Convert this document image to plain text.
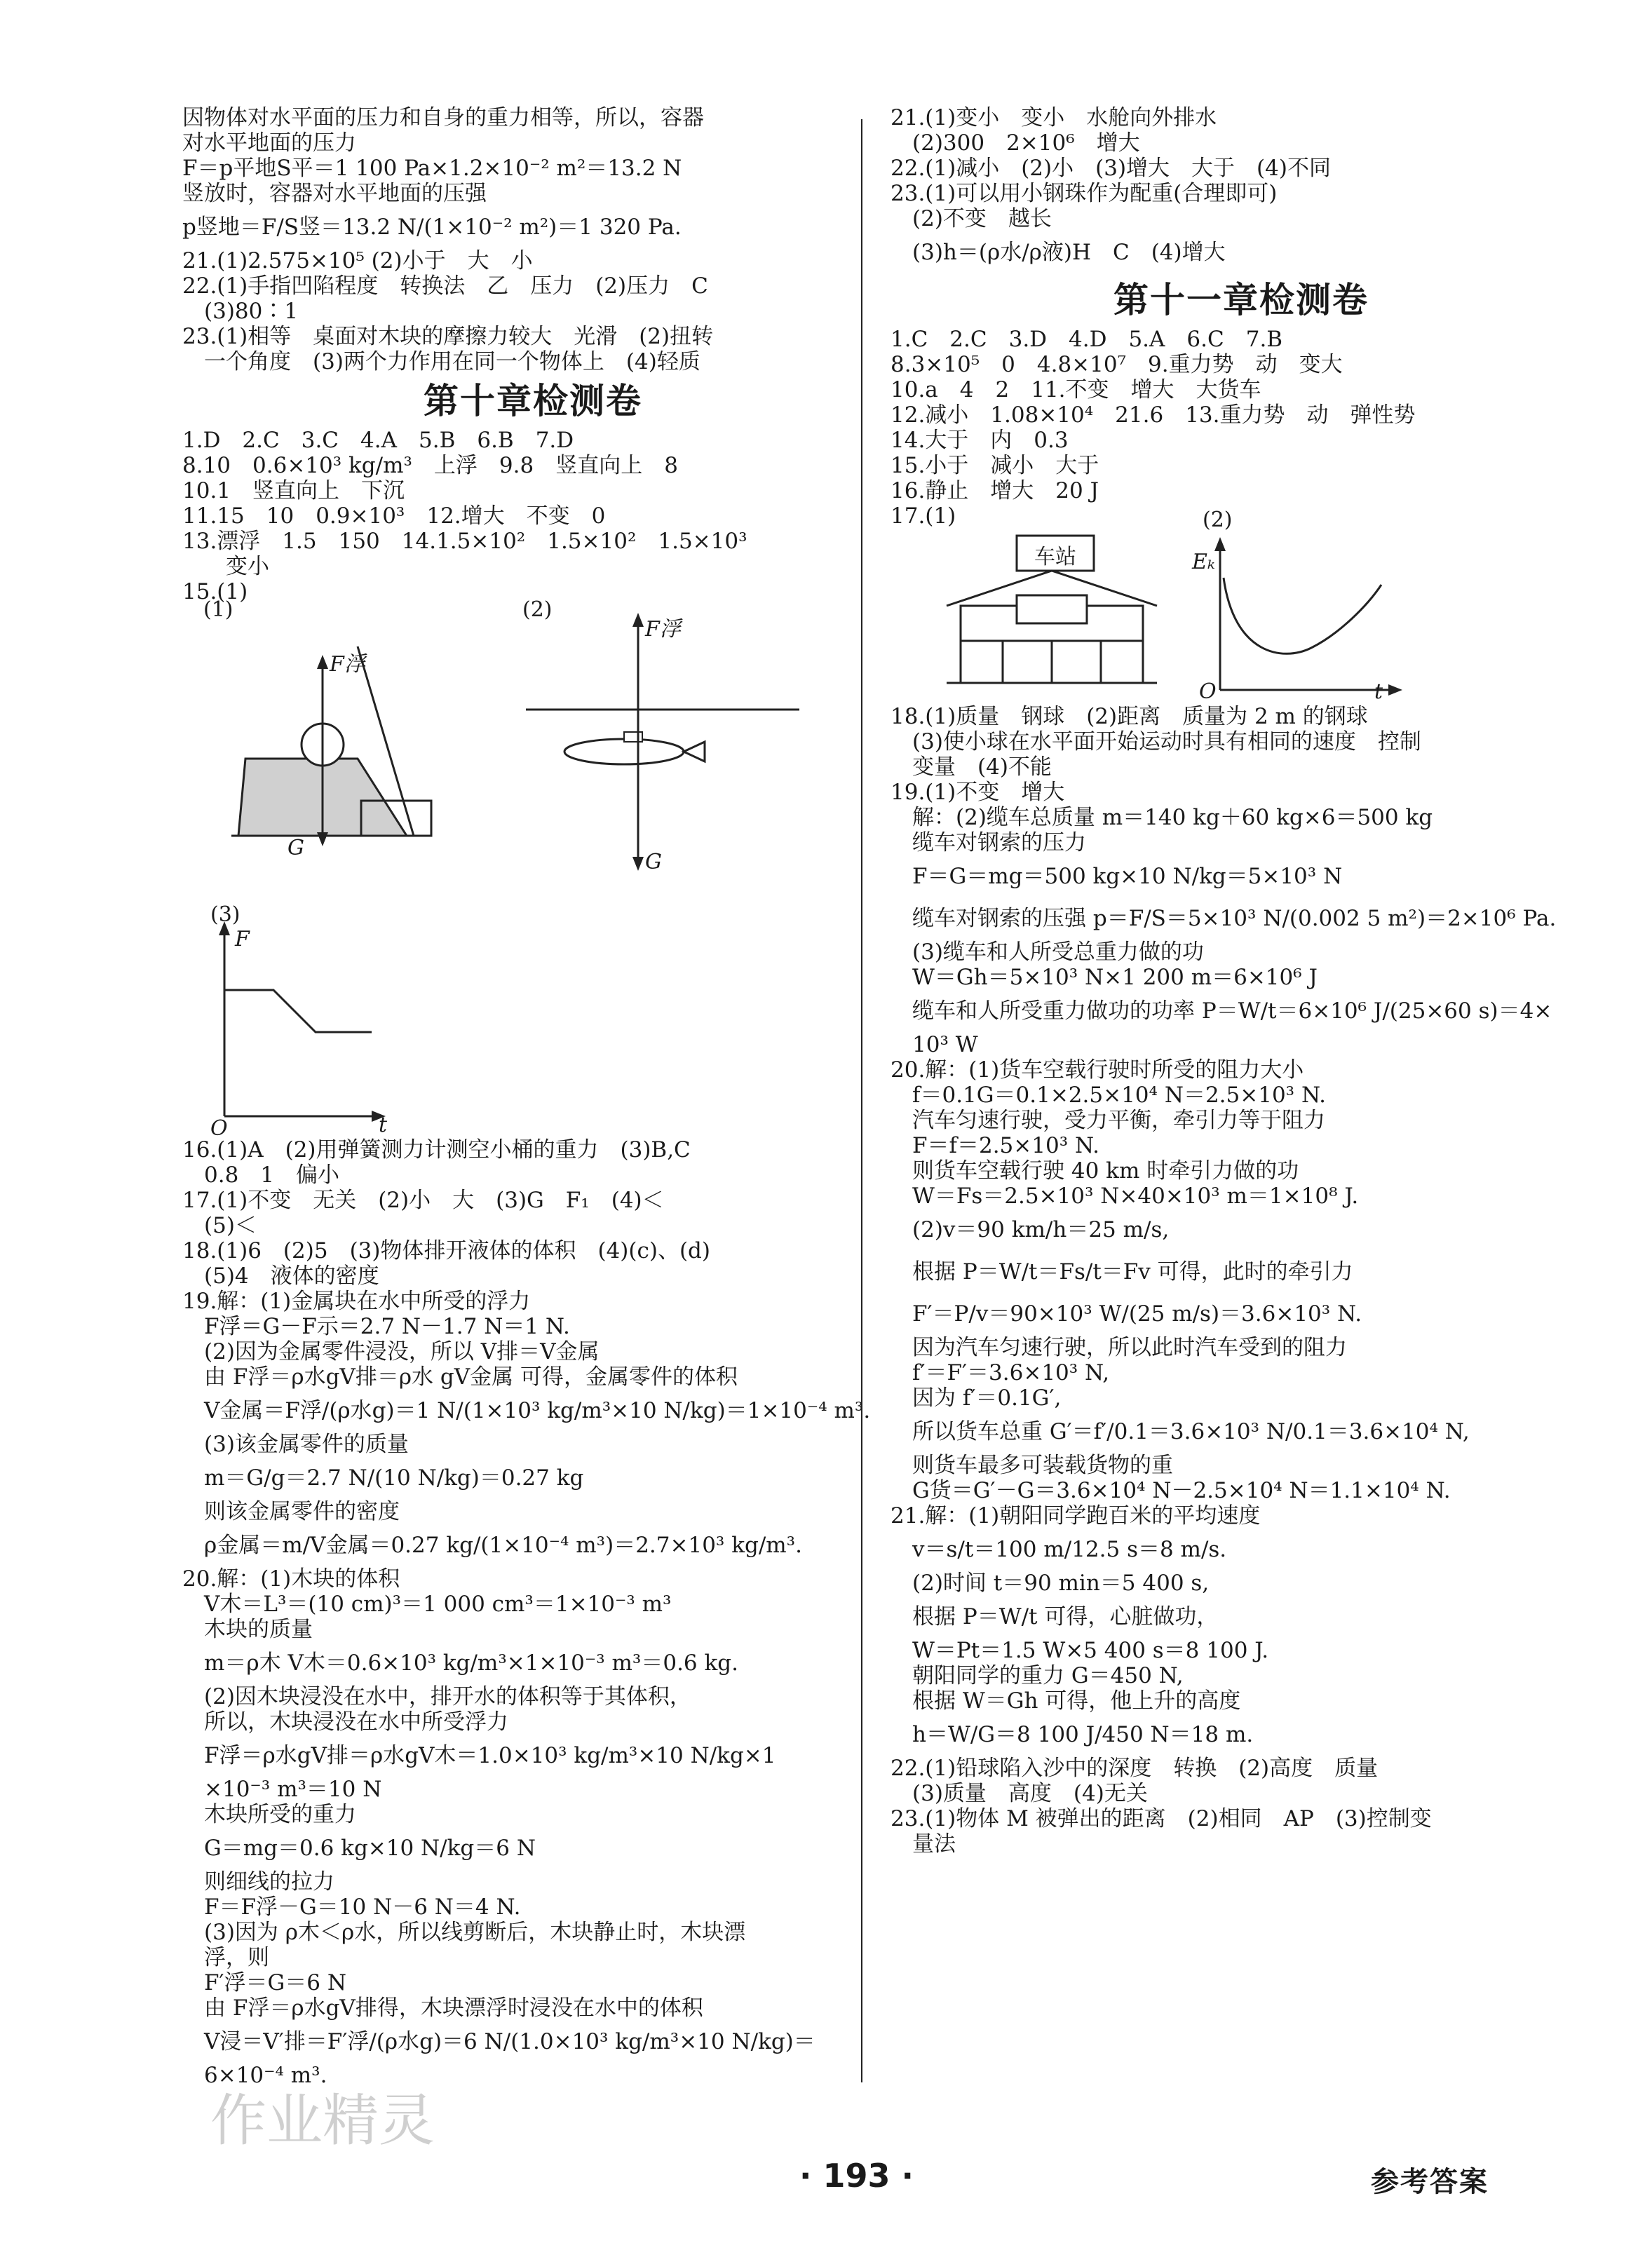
因物体对水平面的压力和自身的重力相等，所以，容器
对水平地面的压力
F＝p平地S平＝1 100 Pa×1.2×10⁻² m²＝13.2 N
竖放时，容器对水平地面的压强
p竖地＝F/S竖＝13.2 N/(1×10⁻² m²)＝1 320 Pa.
21.(1)2.575×10⁵ (2)小于　大　小
22.(1)手指凹陷程度　转换法　乙　压力　(2)压力　C
　(3)80∶1
23.(1)相等　桌面对木块的摩擦力较大　光滑　(2)扭转
　一个角度　(3)两个力作用在同一个物体上　(4)轻质
第十章检测卷
1.D　2.C　3.C　4.A　5.B　6.B　7.D
8.10　0.6×10³ kg/m³　上浮　9.8　竖直向上　8
10.1　竖直向上　下沉
11.15　10　0.9×10³　12.增大　不变　0
13.漂浮　1.5　150　14.1.5×10²　1.5×10²　1.5×10³
　　变小
15.(1)
(1)	(2)
F浮
G
F浮
G
(3)
F
O	t
16.(1)A　(2)用弹簧测力计测空小桶的重力　(3)B,C
　0.8　1　偏小
17.(1)不变　无关　(2)小　大　(3)G　F₁　(4)＜
　(5)＜
18.(1)6　(2)5　(3)物体排开液体的体积　(4)(c)、(d)
　(5)4　液体的密度
19.解：(1)金属块在水中所受的浮力
　F浮＝G－F示＝2.7 N－1.7 N＝1 N.
　(2)因为金属零件浸没，所以 V排＝V金属
　由 F浮＝ρ水gV排＝ρ水 gV金属 可得，金属零件的体积
　V金属＝F浮/(ρ水g)＝1 N/(1×10³ kg/m³×10 N/kg)＝1×10⁻⁴ m³.
　(3)该金属零件的质量
　m＝G/g＝2.7 N/(10 N/kg)＝0.27 kg
　则该金属零件的密度
　ρ金属＝m/V金属＝0.27 kg/(1×10⁻⁴ m³)＝2.7×10³ kg/m³.
20.解：(1)木块的体积
　V木＝L³＝(10 cm)³＝1 000 cm³＝1×10⁻³ m³
　木块的质量
　m＝ρ木 V木＝0.6×10³ kg/m³×1×10⁻³ m³＝0.6 kg.
　(2)因木块浸没在水中，排开水的体积等于其体积，
　所以，木块浸没在水中所受浮力
　F浮＝ρ水gV排＝ρ水gV木＝1.0×10³ kg/m³×10 N/kg×1
　×10⁻³ m³＝10 N
　木块所受的重力
　G＝mg＝0.6 kg×10 N/kg＝6 N
　则细线的拉力
　F＝F浮－G＝10 N－6 N＝4 N.
　(3)因为 ρ木＜ρ水，所以线剪断后，木块静止时，木块漂
　浮，则
　F′浮＝G＝6 N
　由 F浮＝ρ水gV排得，木块漂浮时浸没在水中的体积
　V浸＝V′排＝F′浮/(ρ水g)＝6 N/(1.0×10³ kg/m³×10 N/kg)＝
　6×10⁻⁴ m³.
21.(1)变小　变小　水舱向外排水
　(2)300　2×10⁶　增大
22.(1)减小　(2)小　(3)增大　大于　(4)不同
23.(1)可以用小钢珠作为配重(合理即可)
　(2)不变　越长
　(3)h＝(ρ水/ρ液)H　C　(4)增大
第十一章检测卷
1.C　2.C　3.D　4.D　5.A　6.C　7.B
8.3×10⁵　0　4.8×10⁷　9.重力势　动　变大
10.a　4　2　11.不变　增大　大货车
12.减小　1.08×10⁴　21.6　13.重力势　动　弹性势
14.大于　内　0.3
15.小于　减小　大于
16.静止　增大　20 J
17.(1)
车站
(2)
Eₖ
O	t
18.(1)质量　钢球　(2)距离　质量为 2 m 的钢球
　(3)使小球在水平面开始运动时具有相同的速度　控制
　变量　(4)不能
19.(1)不变　增大
　解：(2)缆车总质量 m＝140 kg＋60 kg×6＝500 kg
　缆车对钢索的压力
　F＝G＝mg＝500 kg×10 N/kg＝5×10³ N
　缆车对钢索的压强 p＝F/S＝5×10³ N/(0.002 5 m²)＝2×10⁶ Pa.
　(3)缆车和人所受总重力做的功
　W＝Gh＝5×10³ N×1 200 m＝6×10⁶ J
　缆车和人所受重力做功的功率 P＝W/t＝6×10⁶ J/(25×60 s)＝4×
　10³ W
20.解：(1)货车空载行驶时所受的阻力大小
　f＝0.1G＝0.1×2.5×10⁴ N＝2.5×10³ N.
　汽车匀速行驶，受力平衡，牵引力等于阻力
　F＝f＝2.5×10³ N.
　则货车空载行驶 40 km 时牵引力做的功
　W＝Fs＝2.5×10³ N×40×10³ m＝1×10⁸ J.
　(2)v＝90 km/h＝25 m/s,
　根据 P＝W/t＝Fs/t＝Fv 可得，此时的牵引力
　F′＝P/v＝90×10³ W/(25 m/s)＝3.6×10³ N.
　因为汽车匀速行驶，所以此时汽车受到的阻力
　f′＝F′＝3.6×10³ N,
　因为 f′＝0.1G′,
　所以货车总重 G′＝f′/0.1＝3.6×10³ N/0.1＝3.6×10⁴ N,
　则货车最多可装载货物的重
　G货＝G′－G＝3.6×10⁴ N－2.5×10⁴ N＝1.1×10⁴ N.
21.解：(1)朝阳同学跑百米的平均速度
　v＝s/t＝100 m/12.5 s＝8 m/s.
　(2)时间 t＝90 min＝5 400 s,
　根据 P＝W/t 可得，心脏做功，
　W＝Pt＝1.5 W×5 400 s＝8 100 J.
　朝阳同学的重力 G＝450 N,
　根据 W＝Gh 可得，他上升的高度
　h＝W/G＝8 100 J/450 N＝18 m.
22.(1)铅球陷入沙中的深度　转换　(2)高度　质量
　(3)质量　高度　(4)无关
23.(1)物体 M 被弹出的距离　(2)相同　AP　(3)控制变
　量法
作业精灵
· 193 ·	参考答案
